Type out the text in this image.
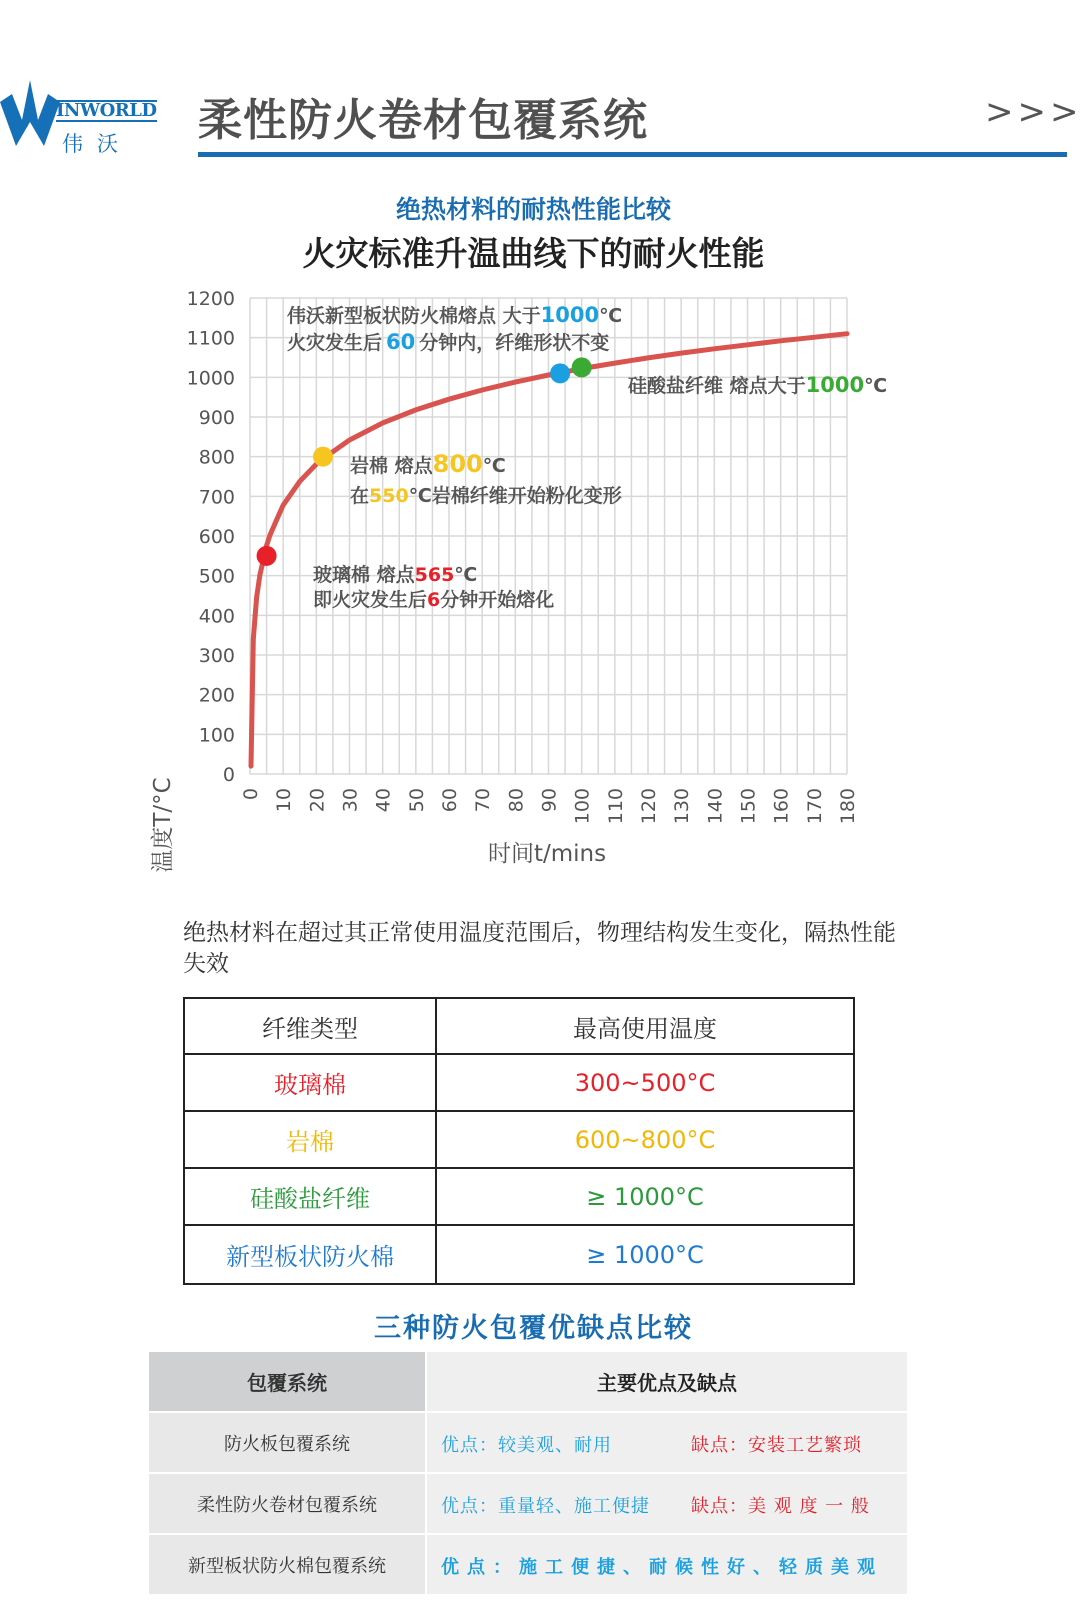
INWORLD
伟沃 柔性防火卷材包覆系统	>>>
绝热材料的耐热性能比较
火灾标准升温曲线下的耐火性能
0
100
200
300
400
500
600
700
800
900
1000
1100
1200
0 10 20 30 40 50 60 70 80 90 100 110 120 130 140 150 160 170 180
温度T/°C	时间t/mins
伟沃新型板状防火棉熔点 大于1000℃
火灾发生后 60 分钟内，纤维形状不变
硅酸盐纤维 熔点大于1000℃
岩棉 熔点800℃
在550℃岩棉纤维开始粉化变形
玻璃棉 熔点565℃
即火灾发生后6分钟开始熔化
绝热材料在超过其正常使用温度范围后，物理结构发生变化，隔热性能失效
纤维类型	最高使用温度
玻璃棉	300~500°C
岩棉	600~800°C
硅酸盐纤维	≥ 1000°C
新型板状防火棉	≥ 1000°C
三种防火包覆优缺点比较
包覆系统	主要优点及缺点
防火板包覆系统	优点：较美观、耐用 缺点：安装工艺繁琐

柔性防火卷材包覆系统	优点：重量轻、施工便捷 缺点：美 观 度 一 般

新型板状防火棉包覆系统	优点：施工便捷、耐候性好、轻质美观
